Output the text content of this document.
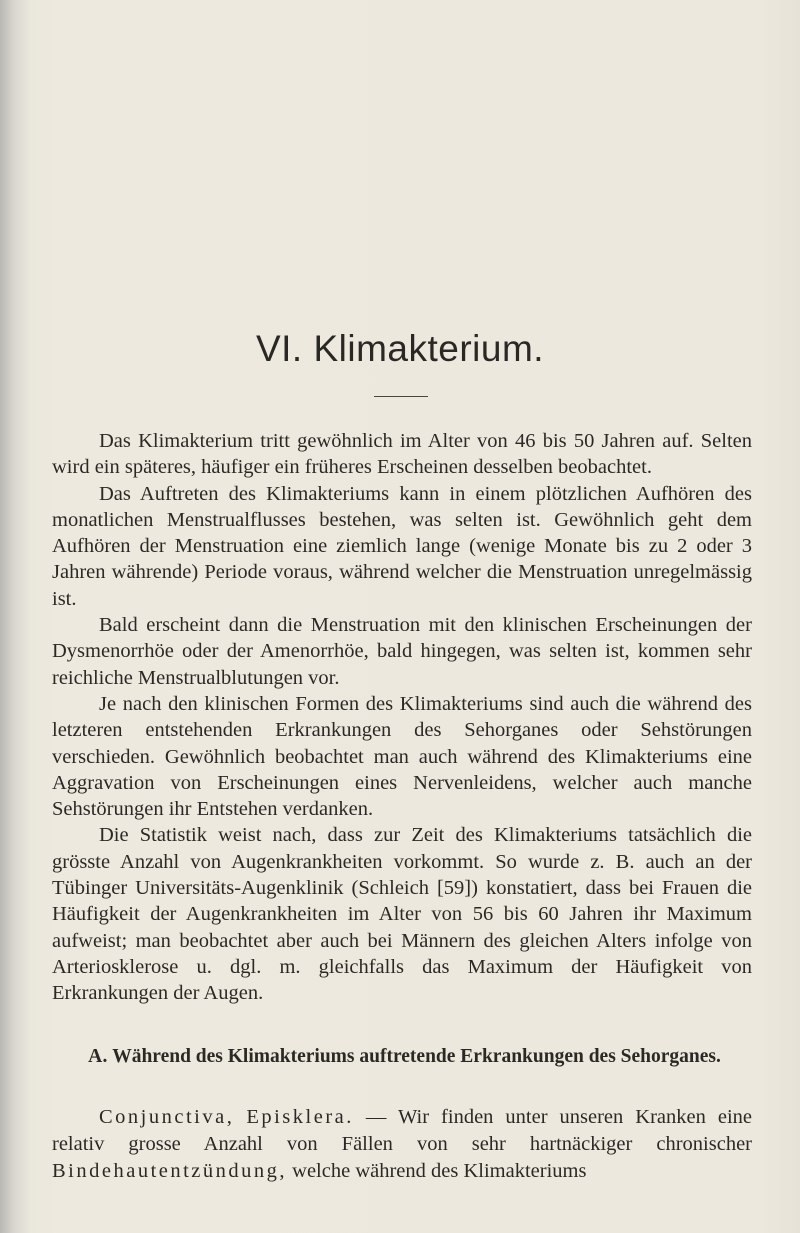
VI. Klimakterium.

Das Klimakterium tritt gewöhnlich im Alter von 46 bis 50 Jahren auf. Selten wird ein späteres, häufiger ein früheres Erscheinen desselben beobachtet.

Das Auftreten des Klimakteriums kann in einem plötzlichen Aufhören des monatlichen Menstrualflusses bestehen, was selten ist. Gewöhnlich geht dem Aufhören der Menstruation eine ziemlich lange (wenige Monate bis zu 2 oder 3 Jahren währende) Periode voraus, während welcher die Menstruation unregelmässig ist.

Bald erscheint dann die Menstruation mit den klinischen Erscheinungen der Dysmenorrhöe oder der Amenorrhöe, bald hingegen, was selten ist, kommen sehr reichliche Menstrualblutungen vor.

Je nach den klinischen Formen des Klimakteriums sind auch die während des letzteren entstehenden Erkrankungen des Sehorganes oder Sehstörungen verschieden. Gewöhnlich beobachtet man auch während des Klimakteriums eine Aggravation von Erscheinungen eines Nervenleidens, welcher auch manche Sehstörungen ihr Entstehen verdanken.

Die Statistik weist nach, dass zur Zeit des Klimakteriums tatsächlich die grösste Anzahl von Augenkrankheiten vorkommt. So wurde z. B. auch an der Tübinger Universitäts-Augenklinik (Schleich [59]) konstatiert, dass bei Frauen die Häufigkeit der Augenkrankheiten im Alter von 56 bis 60 Jahren ihr Maximum aufweist; man beobachtet aber auch bei Männern des gleichen Alters infolge von Arteriosklerose u. dgl. m. gleichfalls das Maximum der Häufigkeit von Erkrankungen der Augen.

A. Während des Klimakteriums auftretende Erkrankungen des Sehorganes.

Conjunctiva, Episklera. — Wir finden unter unseren Kranken eine relativ grosse Anzahl von Fällen von sehr hartnäckiger chronischer Bindehautentzündung, welche während des Klimakteriums
